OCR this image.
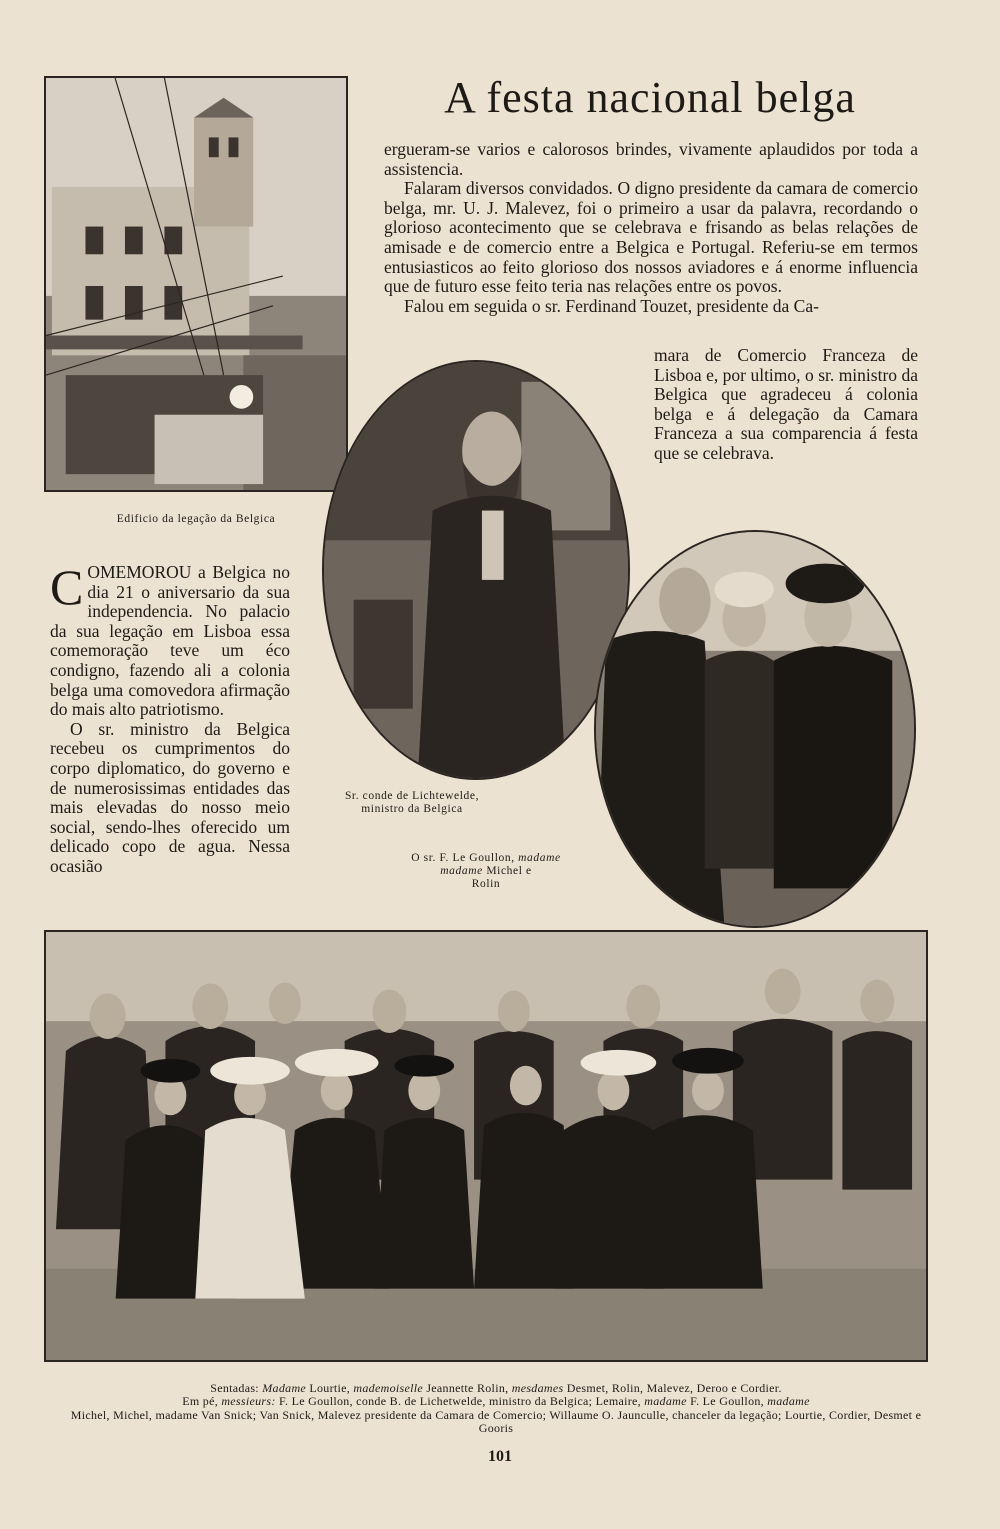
Edificio da legação da Belgica
A festa nacional belga

ergueram-se varios e calorosos brindes, vivamente aplaudidos por toda a assistencia.

Falaram diversos convidados. O digno presidente da camara de comercio belga, mr. U. J. Malevez, foi o primeiro a usar da palavra, recordando o glorioso acontecimento que se celebrava e frisando as belas relações de amisade e de comercio entre a Belgica e Portugal. Referiu-se em termos entusiasticos ao feito glorioso dos nossos aviadores e á enorme influencia que de futuro esse feito teria nas relações entre os povos.

Falou em seguida o sr. Ferdinand Touzet, presidente da Ca-

mara de Comercio Franceza de Lisboa e, por ultimo, o sr. ministro da Belgica que agradeceu á colonia belga e á delegação da Camara Franceza a sua comparencia á festa que se celebrava.

Sr. conde de Lichtewelde,
ministro da Belgica
O sr. F. Le Goullon, madame
madame Michel e
Rolin

COMEMOROU a Belgica no dia 21 o aniversario da sua independencia. No palacio da sua legação em Lisboa essa comemoração teve um éco condigno, fazendo ali a colonia belga uma comovedora afirmação do mais alto patriotismo.

O sr. ministro da Belgica recebeu os cumprimentos do corpo diplomatico, do governo e de numerosissimas entidades das mais elevadas do nosso meio social, sendo-lhes oferecido um delicado copo de agua. Nessa ocasião

Sentadas: Madame Lourtie, mademoiselle Jeannette Rolin, mesdames Desmet, Rolin, Malevez, Deroo e Cordier.
Em pé, messieurs: F. Le Goullon, conde B. de Lichetwelde, ministro da Belgica; Lemaire, madame F. Le Goullon, madame
Michel, Michel, madame Van Snick; Van Snick, Malevez presidente da Camara de Comercio; Willaume O. Jaunculle, chanceler da legação; Lourtie, Cordier, Desmet e Gooris
101
